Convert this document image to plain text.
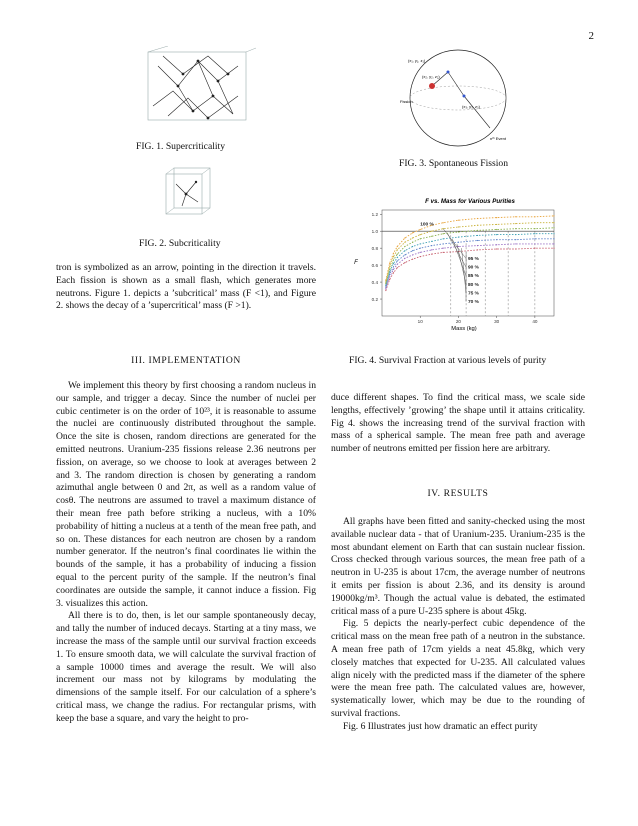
2
FIG. 1. Supercriticality
FIG. 2. Subcriticality
(x₁, y₁, z₁)
(x₂, y₂, z₂)
(x₃, y₃, z₃)
Fission
nᵗʰ Event
FIG. 3. Spontaneous Fission
F vs. Mass for Various Purities
F
Mass (kg)
0.2
0.4
0.6
0.8
1.0
1.2
10	20	30	40
100 %
95 %
90 %
85 %
80 %
75 %
70 %
FIG. 4. Survival Fraction at various levels of purity

tron is symbolized as an arrow, pointing in the direction it travels. Each fission is shown as a small flash, which generates more neutrons. Figure 1. depicts a ’subcritical’ mass (F <1), and Figure 2. shows the decay of a ’supercritical’ mass (F >1).

III. IMPLEMENTATION

We implement this theory by first choosing a random nucleus in our sample, and trigger a decay. Since the number of nuclei per cubic centimeter is on the order of 10²³, it is reasonable to assume the nuclei are continuously distributed throughout the sample. Once the site is chosen, random directions are generated for the emitted neutrons. Uranium-235 fissions release 2.36 neutrons per fission, on average, so we choose to look at averages between 2 and 3. The random direction is chosen by generating a random azimuthal angle between 0 and 2π, as well as a random value of cosθ. The neutrons are assumed to travel a maximum distance of their mean free path before striking a nucleus, with a 10% probability of hitting a nucleus at a tenth of the mean free path, and so on. These distances for each neutron are chosen by a random number generator. If the neutron’s final coordinates lie within the bounds of the sample, it has a probability of inducing a fission equal to the percent purity of the sample. If the neutron’s final coordinates are outside the sample, it cannot induce a fission. Fig 3. visualizes this action.

All there is to do, then, is let our sample spontaneously decay, and tally the number of induced decays. Starting at a tiny mass, we increase the mass of the sample until our survival fraction exceeds 1. To ensure smooth data, we will calculate the survival fraction of a sample 10000 times and average the result. We will also increment our mass not by kilograms by modulating the dimensions of the sample itself. For our calculation of a sphere’s critical mass, we change the radius. For rectangular prisms, with keep the base a square, and vary the height to pro-

duce different shapes. To find the critical mass, we scale side lengths, effectively ’growing’ the shape until it attains criticality. Fig 4. shows the increasing trend of the survival fraction with mass of a spherical sample. The mean free path and average number of neutrons emitted per fission here are arbitrary.

IV. RESULTS

All graphs have been fitted and sanity-checked using the most available nuclear data - that of Uranium-235. Uranium-235 is the most abundant element on Earth that can sustain nuclear fission. Cross checked through various sources, the mean free path of a neutron in U-235 is about 17cm, the average number of neutrons it emits per fission is about 2.36, and its density is around 19000kg/m³. Though the actual value is debated, the estimated critical mass of a pure U-235 sphere is about 45kg.

Fig. 5 depicts the nearly-perfect cubic dependence of the critical mass on the mean free path of a neutron in the substance. A mean free path of 17cm yields a neat 45.8kg, which very closely matches that expected for U-235. All calculated values align nicely with the predicted mass if the diameter of the sphere were the mean free path. The calculated values are, however, systematically lower, which may be due to the rounding of survival fractions.

Fig. 6 Illustrates just how dramatic an effect purity
